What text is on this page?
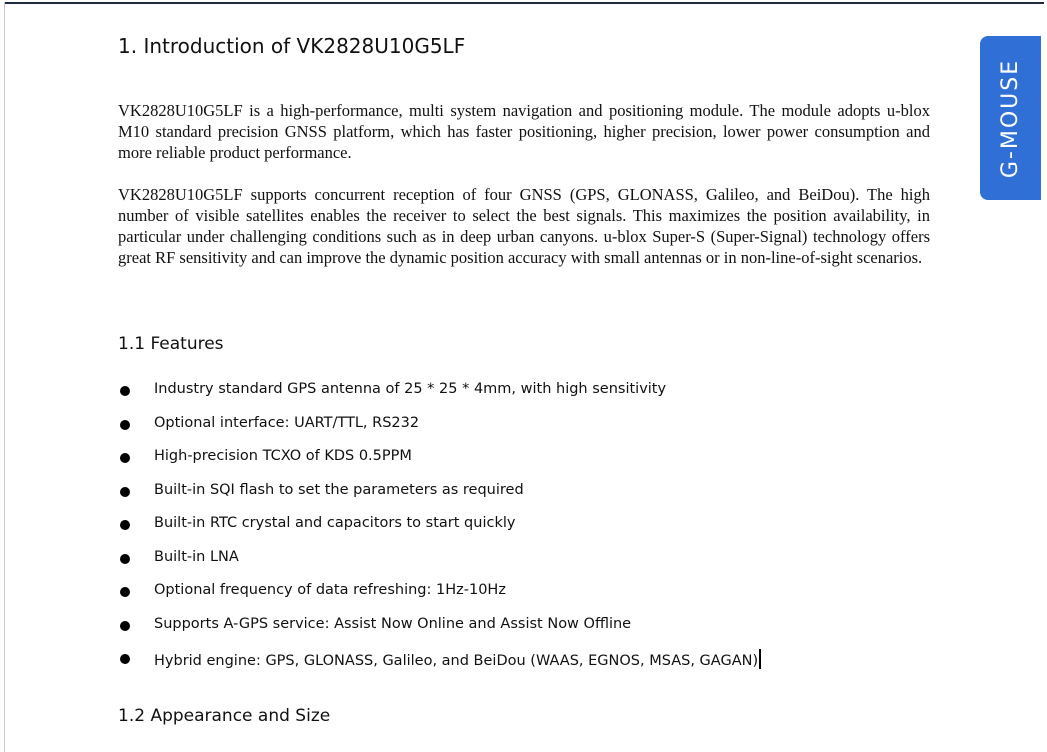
G-MOUSE
1. Introduction of VK2828U10G5LF

VK2828U10G5LF is a high-performance, multi system navigation and positioning module. The module adopts u-blox M10 standard precision GNSS platform, which has faster positioning, higher precision, lower power consumption and more reliable product performance.

VK2828U10G5LF supports concurrent reception of four GNSS (GPS, GLONASS, Galileo, and BeiDou). The high number of visible satellites enables the receiver to select the best signals. This maximizes the position availability, in particular under challenging conditions such as in deep urban canyons. u-blox Super-S (Super-Signal) technology offers great RF sensitivity and can improve the dynamic position accuracy with small antennas or in non-line-of-sight scenarios.

1.1 Features
Industry standard GPS antenna of 25 * 25 * 4mm, with high sensitivity
Optional interface: UART/TTL, RS232
High-precision TCXO of KDS 0.5PPM
Built-in SQI flash to set the parameters as required
Built-in RTC crystal and capacitors to start quickly
Built-in LNA
Optional frequency of data refreshing: 1Hz-10Hz
Supports A-GPS service: Assist Now Online and Assist Now Offline
Hybrid engine: GPS, GLONASS, Galileo, and BeiDou (WAAS, EGNOS, MSAS, GAGAN)
1.2 Appearance and Size
